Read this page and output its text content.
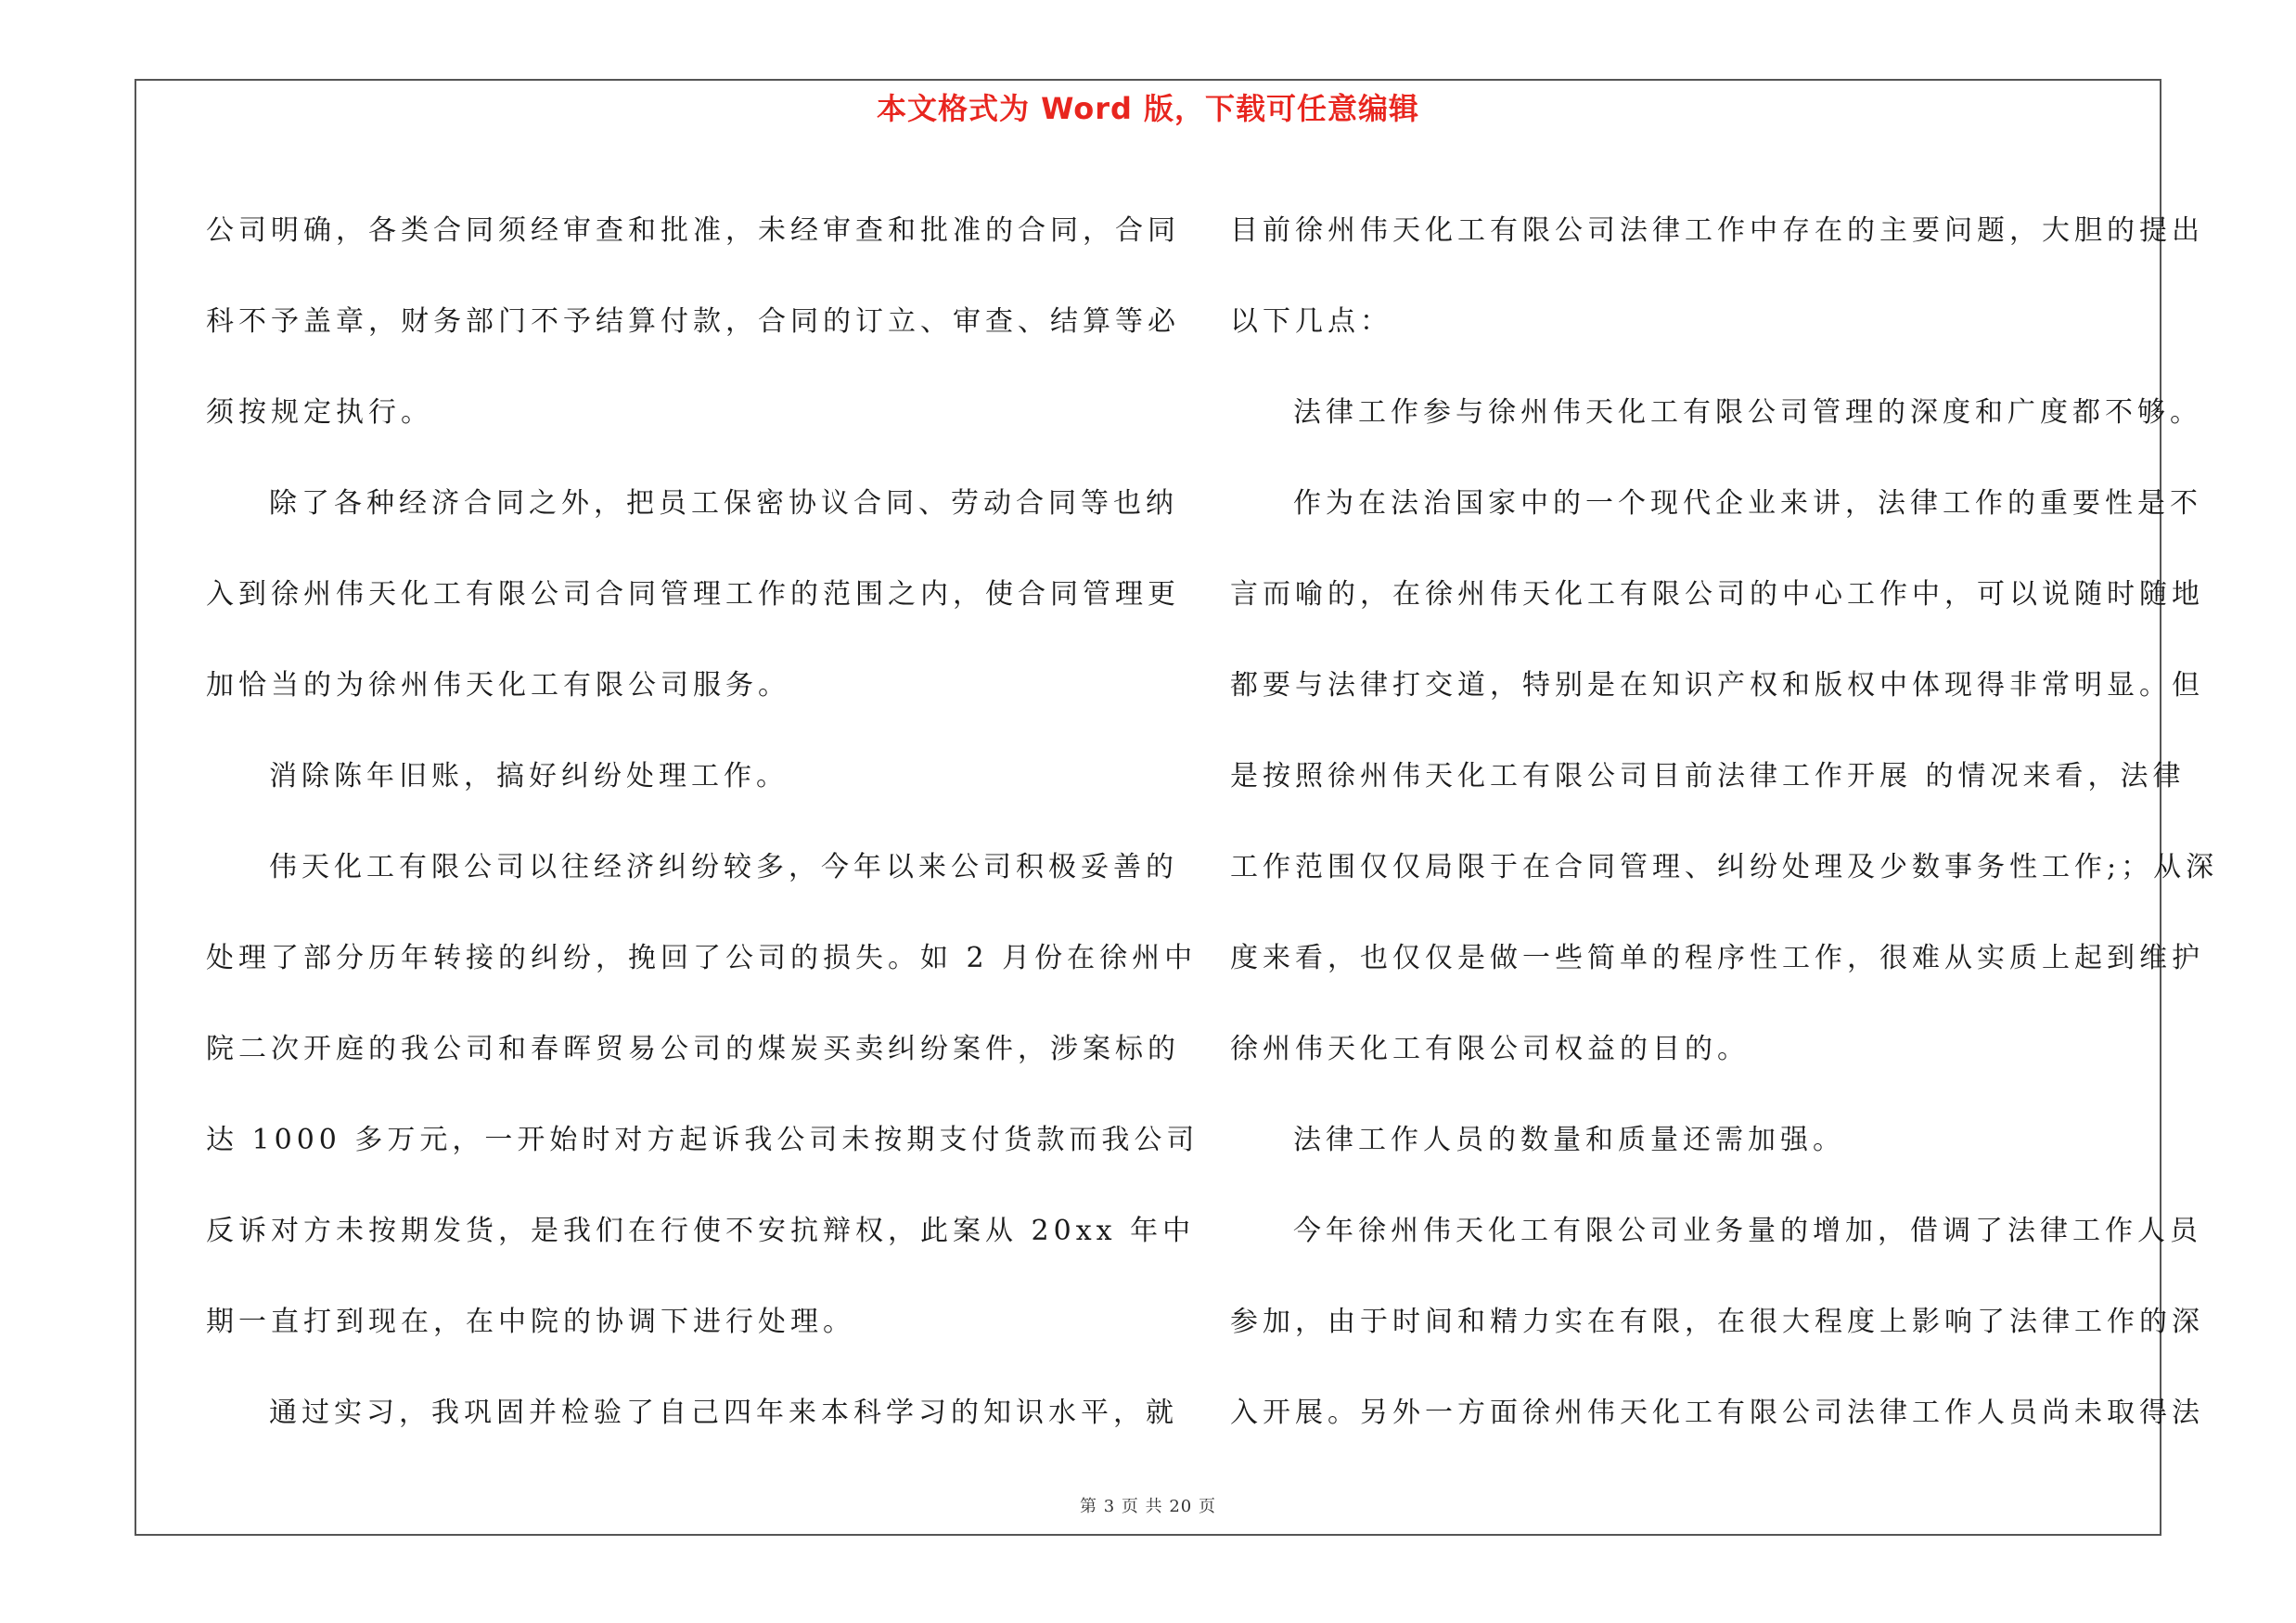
本文格式为 Word 版，下载可任意编辑
公司明确，各类合同须经审查和批准，未经审查和批准的合同，合同
科不予盖章，财务部门不予结算付款，合同的订立、审查、结算等必
须按规定执行。
除了各种经济合同之外，把员工保密协议合同、劳动合同等也纳
入到徐州伟天化工有限公司合同管理工作的范围之内，使合同管理更
加恰当的为徐州伟天化工有限公司服务。
消除陈年旧账，搞好纠纷处理工作。
伟天化工有限公司以往经济纠纷较多，今年以来公司积极妥善的
处理了部分历年转接的纠纷，挽回了公司的损失。如 2 月份在徐州中
院二次开庭的我公司和春晖贸易公司的煤炭买卖纠纷案件，涉案标的
达 1000 多万元，一开始时对方起诉我公司未按期支付货款而我公司
反诉对方未按期发货，是我们在行使不安抗辩权，此案从 20xx 年中
期一直打到现在，在中院的协调下进行处理。
通过实习，我巩固并检验了自己四年来本科学习的知识水平，就
目前徐州伟天化工有限公司法律工作中存在的主要问题，大胆的提出
以下几点：
法律工作参与徐州伟天化工有限公司管理的深度和广度都不够。
作为在法治国家中的一个现代企业来讲，法律工作的重要性是不
言而喻的，在徐州伟天化工有限公司的中心工作中，可以说随时随地
都要与法律打交道，特别是在知识产权和版权中体现得非常明显。但
是按照徐州伟天化工有限公司目前法律工作开展 的情况来看，法律
工作范围仅仅局限于在合同管理、纠纷处理及少数事务性工作;；从深
度来看，也仅仅是做一些简单的程序性工作，很难从实质上起到维护
徐州伟天化工有限公司权益的目的。
法律工作人员的数量和质量还需加强。
今年徐州伟天化工有限公司业务量的增加，借调了法律工作人员
参加，由于时间和精力实在有限，在很大程度上影响了法律工作的深
入开展。另外一方面徐州伟天化工有限公司法律工作人员尚未取得法
第 3 页 共 20 页
